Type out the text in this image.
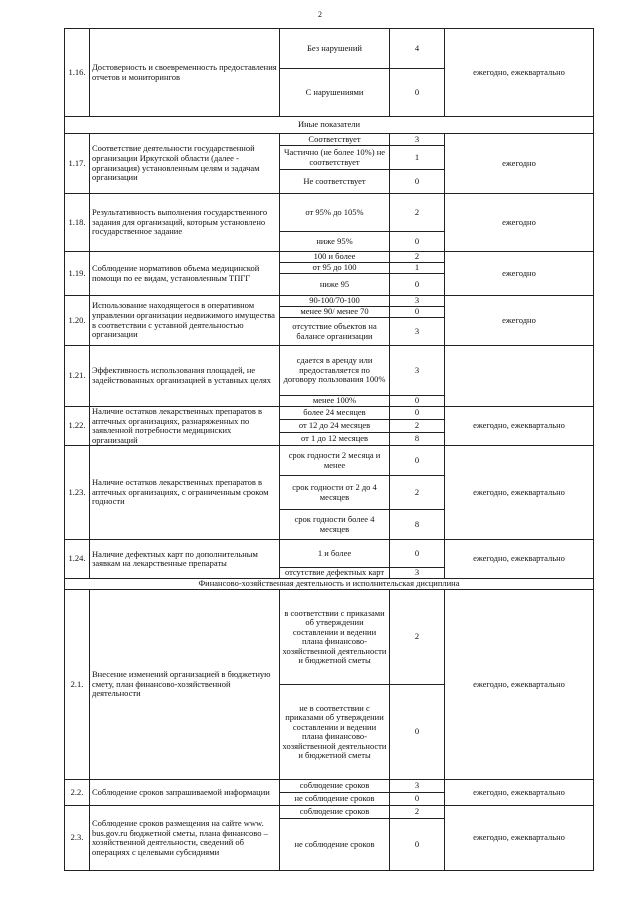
2
1.16.	Достоверность и своевременность предоставления отчетов и мониторингов	Без нарушений	4	ежегодно, ежеквартально
		С нарушениями	0	
Иные показатели				
1.17.	Соответствие деятельности государственной организации Иркутской области (далее - организация) установленным целям и задачам организации	Соответствует	3	ежегодно
		Частично (не более 10%) не соответствует	1	
		Не соответствует	0	
1.18.	Результативность выполнения государственного задания для организаций, которым установлено государственное задание	от 95% до 105%	2	ежегодно
		ниже 95%	0	
1.19.	Соблюдение нормативов объема медицинской помощи по ее видам, установленным ТПГГ	100 и более	2	ежегодно
		от 95 до 100	1	
		ниже 95	0	
1.20.	Использование находящегося в оперативном управлении организации недвижимого имущества в соответствии с уставной деятельностью организации	90-100/70-100	3	ежегодно
		менее 90/ менее 70	0	
		отсутствие объектов на балансе организации	3	
1.21.	Эффективность использования площадей, не задействованных организацией в уставных целях	сдается в аренду или предоставляется по договору пользования 100%	3	
		менее 100%	0	
1.22.	Наличие остатков лекарственных препаратов в аптечных организациях, разнаряженных по заявленной потребности медицинских организаций	более 24 месяцев	0	ежегодно, ежеквартально
		от 12 до 24 месяцев	2	
		от 1 до 12 месяцев	8	
1.23.	Наличие остатков лекарственных препаратов в аптечных организациях, с ограниченным сроком годности	срок годности 2 месяца и менее	0	ежегодно, ежеквартально
		срок годности от 2 до 4 месяцев	2	
		срок годности более 4 месяцев	8	
1.24.	Наличие дефектных карт по дополнительным заявкам на лекарственные препараты	1 и более	0	ежегодно, ежеквартально
		отсутствие дефектных карт	3	
Финансово-хозяйственная деятельность и исполнительская дисциплина				
2.1.	Внесение изменений организацией в бюджетную смету, план финансово-хозяйственной деятельности	в соответствии с приказами об утверждении составлении и ведении плана финансово-хозяйственной деятельности и бюджетной сметы	2	ежегодно, ежеквартально
		не в соответствии с приказами об утверждении составлении и ведении плана финансово-хозяйственной деятельности и бюджетной сметы	0	
2.2.	Соблюдение сроков запрашиваемой информации	соблюдение сроков	3	ежегодно, ежеквартально
		не соблюдение сроков	0	
2.3.	Соблюдение сроков размещения на сайте www. bus.gov.ru бюджетной сметы, плана финансово – хозяйственной деятельности, сведений об операциях с целевыми субсидиями	соблюдение сроков	2	ежегодно, ежеквартально
		не соблюдение сроков	0	
